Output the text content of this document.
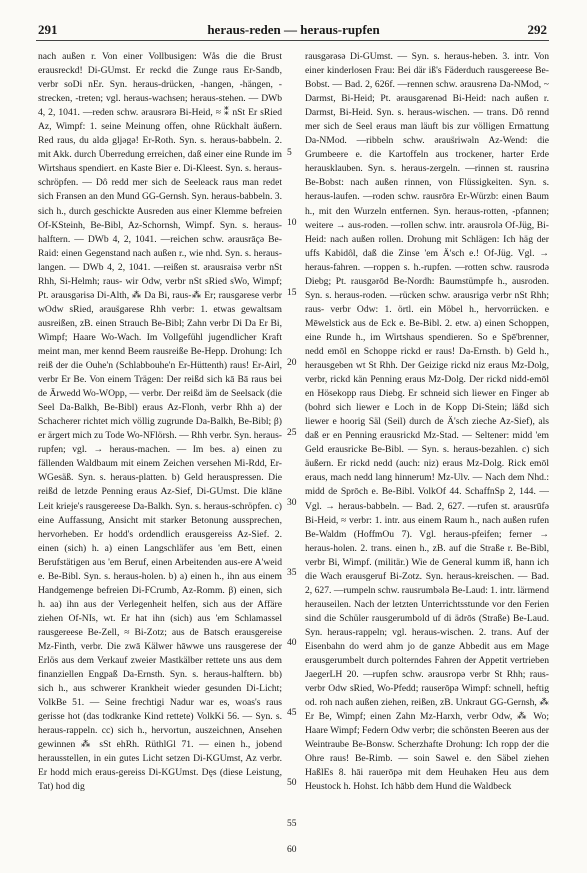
291	heraus-reden — heraus-rupfen	292

nach außen r. Von einer Vollbusigen: Wås die die Brust erausreckd! Di-GUmst. Er reckd die Zunge raus Er-Sandb, verbr soDi nEr. Syn. heraus-drücken, -hangen, -hängen, -strecken, -treten; vgl. heraus-wachsen; heraus-stehen. — DWb 4, 2, 1041. —reden schw. ərausrərə Bi-Heid, ≈ ⁑ nSt Er sRied Az, Wimpf: 1. seine Meinung offen, ohne Rückhalt äußern. Red raus, du aldə gljəgə! Er-Roth. Syn. s. heraus-babbeln. 2. mit Akk. durch Überredung erreichen, daß einer eine Runde im Wirtshaus spendiert. en Kaste Bier e. Di-Kleest. Syn. s. heraus-schröpfen. — Dô redd mer sich de Seeleack raus man redet sich Fransen an den Mund GG-Gernsh. Syn. heraus-babbeln. 3. sich h., durch geschickte Ausreden aus einer Klemme befreien Of-KSteinh, Be-Bibl, Az-Schornsh, Wimpf. Syn. s. heraus-halftern. — DWb 4, 2, 1041. —reichen schw. ərausrāçə Be-Raid: einen Gegenstand nach außen r., wie nhd. Syn. s. heraus-langen. — DWb 4, 2, 1041. —reißen st. ərausraisə verbr nSt Rhh, Si-Helmh; raus- wir Odw, verbr nSt sRied sWo, Wimpf; Pt. ərausgərisə Di-Alth, ⁂ Da Bi, raus-⁂ Er; rausgərese verbr wOdw sRied, əraus̈gərese Rhh verbr: 1. etwas gewaltsam ausreißen, zB. einen Strauch Be-Bibl; Zahn verbr Di Da Er Bi, Wimpf; Haare Wo-Wach. Im Vollgefühl jugendlicher Kraft meint man, mer kennd Beem rausreiße Be-Hepp. Drohung: Ich reiß der die Ouhe'n (Schlabbouhe'n Er-Hüttenth) raus! Er-Airl, verbr Er Be. Von einem Trägen: Der reißd sich kā Bā raus bei de Ārwedd Wo-WOpp, — verbr. Der reißd äm de Seelsack (die Seel Da-Balkh, Be-Bibl) eraus Az-Flonh, verbr Rhh a) der Schacherer richtet mich völlig zugrunde Da-Balkh, Be-Bibl; β) er ärgert mich zu Tode Wo-NFlörsh. — Rhh verbr. Syn. heraus-rupfen; vgl. → heraus-machen. — Im bes. a) einen zu fällenden Waldbaum mit einem Zeichen versehen Mi-Rdd, Er-WGesäß. Syn. s. heraus-platten. b) Geld herauspressen. Die reißd de letzde Penning eraus Az-Sief, Di-GUmst. Die klāne Leit krieje's rausgereese Da-Balkh. Syn. s. heraus-schröpfen. c) eine Auffassung, Ansicht mit starker Betonung aussprechen, hervorheben. Er hodd's ordendlich erausgereiss Az-Sief. 2. einen (sich) h. a) einen Langschläfer aus 'em Bett, einen Berufstätigen aus 'em Beruf, einen Arbeitenden aus-ere A'weid e. Be-Bibl. Syn. s. heraus-holen. b) a) einen h., ihn aus einem Handgemenge befreien Di-FCrumb, Az-Romm. β) einen, sich h. aa) ihn aus der Verlegenheit helfen, sich aus der Affäre ziehen Of-NIs, wt. Er hat ihn (sich) aus 'em Schlamassel rausgereese Be-Zell, ≈ Bi-Zotz; aus de Batsch erausgereise Mz-Finth, verbr. Die zwā Kälwer hāwwe uns rausgerese der Erlös aus dem Verkauf zweier Mastkälber rettete uns aus dem finanziellen Engpaß Da-Ernsth. Syn. s. heraus-halftern. bb) sich h., aus schwerer Krankheit wieder gesunden Di-Licht; VolkBe 51. — Seine frechtigi Nadur war es, woas's raus gerisse hot (das todkranke Kind rettete) VolkKi 56. — Syn. s. heraus-rappeln. cc) sich h., hervortun, auszeichnen, Ansehen gewinnen ⁂ sSt ehRh. RüthlGl 71. — einen h., jobend herausstellen, in ein gutes Licht setzen Di-KGUmst, Az verbr. Er hodd mich eraus-gereiss Di-KGUmst. Dęs (diese Leistung, Tat) hod dig

5
10
15
20
25
30
35
40
45
50
55
60

rausgərəsə Di-GUmst. — Syn. s. heraus-heben. 3. intr. Von einer kinderlosen Frau: Bei där iß's Fäderduch rausgereese Be-Bobst. — Bad. 2, 626f. —rennen schw. ərausrenə Da-NMod, ~ Darmst, Bi-Heid; Pt. ərausgərenəd Bi-Heid: nach außen r. Darmst, Bi-Heid. Syn. s. heraus-wischen. — trans. Dô rennd mer sich de Seel eraus man läuft bis zur völligen Ermattung Da-NMod. —ribbeln schw. əraus̈riwəln Az-Wend: die Grumbeere e. die Kartoffeln aus trockener, harter Erde herausklauben. Syn. s. heraus-zergeln. —rinnen st. rausrinə Be-Bobst: nach außen rinnen, von Flüssigkeiten. Syn. s. heraus-laufen. —roden schw. rausrōrə Er-Würzb: einen Baum h., mit den Wurzeln entfernen. Syn. heraus-rotten, -pfannen; weitere → aus-roden. —rollen schw. intr. ərausrolə Of-Jüg, Bi-Heid: nach außen rollen. Drohung mit Schlägen: Ich häg der uffs Kabidôl, daß die Zinse 'em Ä'sch e.! Of-Jüg. Vgl. → heraus-fahren. —roppen s. h.-rupfen. —rotten schw. rausrodə Diebg; Pt. rausgərōd Be-Nordh: Baumstümpfe h., ausroden. Syn. s. heraus-roden. —rücken schw. ərausrigə verbr nSt Rhh; raus- verbr Odw: 1. örtl. ein Möbel h., hervorrücken. e Mēwelstick aus de Eck e. Be-Bibl. 2. etw. a) einen Schoppen, eine Runde h., im Wirtshaus spendieren. So e Spē'brenner, nedd emōl en Schoppe rickd er raus! Da-Ernsth. b) Geld h., herausgeben wt St Rhh. Der Geizige rickd niz eraus Mz-Dolg, verbr, rickd kän Penning eraus Mz-Dolg. Der rickd nidd-emōl en Hösekopp raus Diebg. Er schneid sich liewer en Finger ab (bohrd sich liewer e Loch in de Kopp Di-Stein; läßd sich liewer e hoorig Säl (Seil) durch de Ä'sch zieche Az-Sief), als daß er en Penning erausrickd Mz-Stad. — Seltener: midd 'em Geld erausricke Be-Bibl. — Syn. s. heraus-bezahlen. c) sich äußern. Er rickd nedd (auch: niz) eraus Mz-Dolg. Rick emōl eraus, mach nedd lang hinnerum! Mz-Ulv. — Nach dem Nhd.: midd de Sprōch e. Be-Bibl. VolkOf 44. SchaffnSp 2, 144. — Vgl. → heraus-babbeln. — Bad. 2, 627. —rufen st. ərausrūfə Bi-Heid, ≈ verbr: 1. intr. aus einem Raum h., nach außen rufen Be-Waldm (HoffmOu 7). Vgl. heraus-pfeifen; ferner → heraus-holen. 2. trans. einen h., zB. auf die Straße r. Be-Bibl, verbr Bi, Wimpf. (militär.) Wie de General kumm iß, hann ich die Wach erausgeruf Bi-Zotz. Syn. heraus-kreischen. — Bad. 2, 627. —rumpeln schw. rausrumbələ Be-Laud: 1. intr. lärmend herauseilen. Nach der letzten Unterrichtsstunde vor den Ferien sind die Schüler rausgerumbold uf di ädrōs (Straße) Be-Laud. Syn. heraus-rappeln; vgl. heraus-wischen. 2. trans. Auf der Eisenbahn do werd ahm jo de ganze Abbedit aus em Mage erausgerumbelt durch polterndes Fahren der Appetit vertrieben JaegerLH 20. —rupfen schw. ərausropə verbr St Rhh; raus- verbr Odw sRied, Wo-Pfedd; rauserōpə Wimpf: schnell, heftig od. roh nach außen ziehen, reißen, zB. Unkraut GG-Gernsh, ⁂ Er Be, Wimpf; einen Zahn Mz-Harxh, verbr Odw, ⁂ Wo; Haare Wimpf; Federn Odw verbr; die schönsten Beeren aus der Weintraube Be-Bonsw. Scherzhafte Drohung: Ich ropp der die Ohre raus! Be-Rimb. — soin Sawel e. den Säbel ziehen HaßlEs 8. hāi rauerōpə mit dem Heuhaken Heu aus dem Heustock h. Hohst. Ich hābb dem Hund die Waldbeck
